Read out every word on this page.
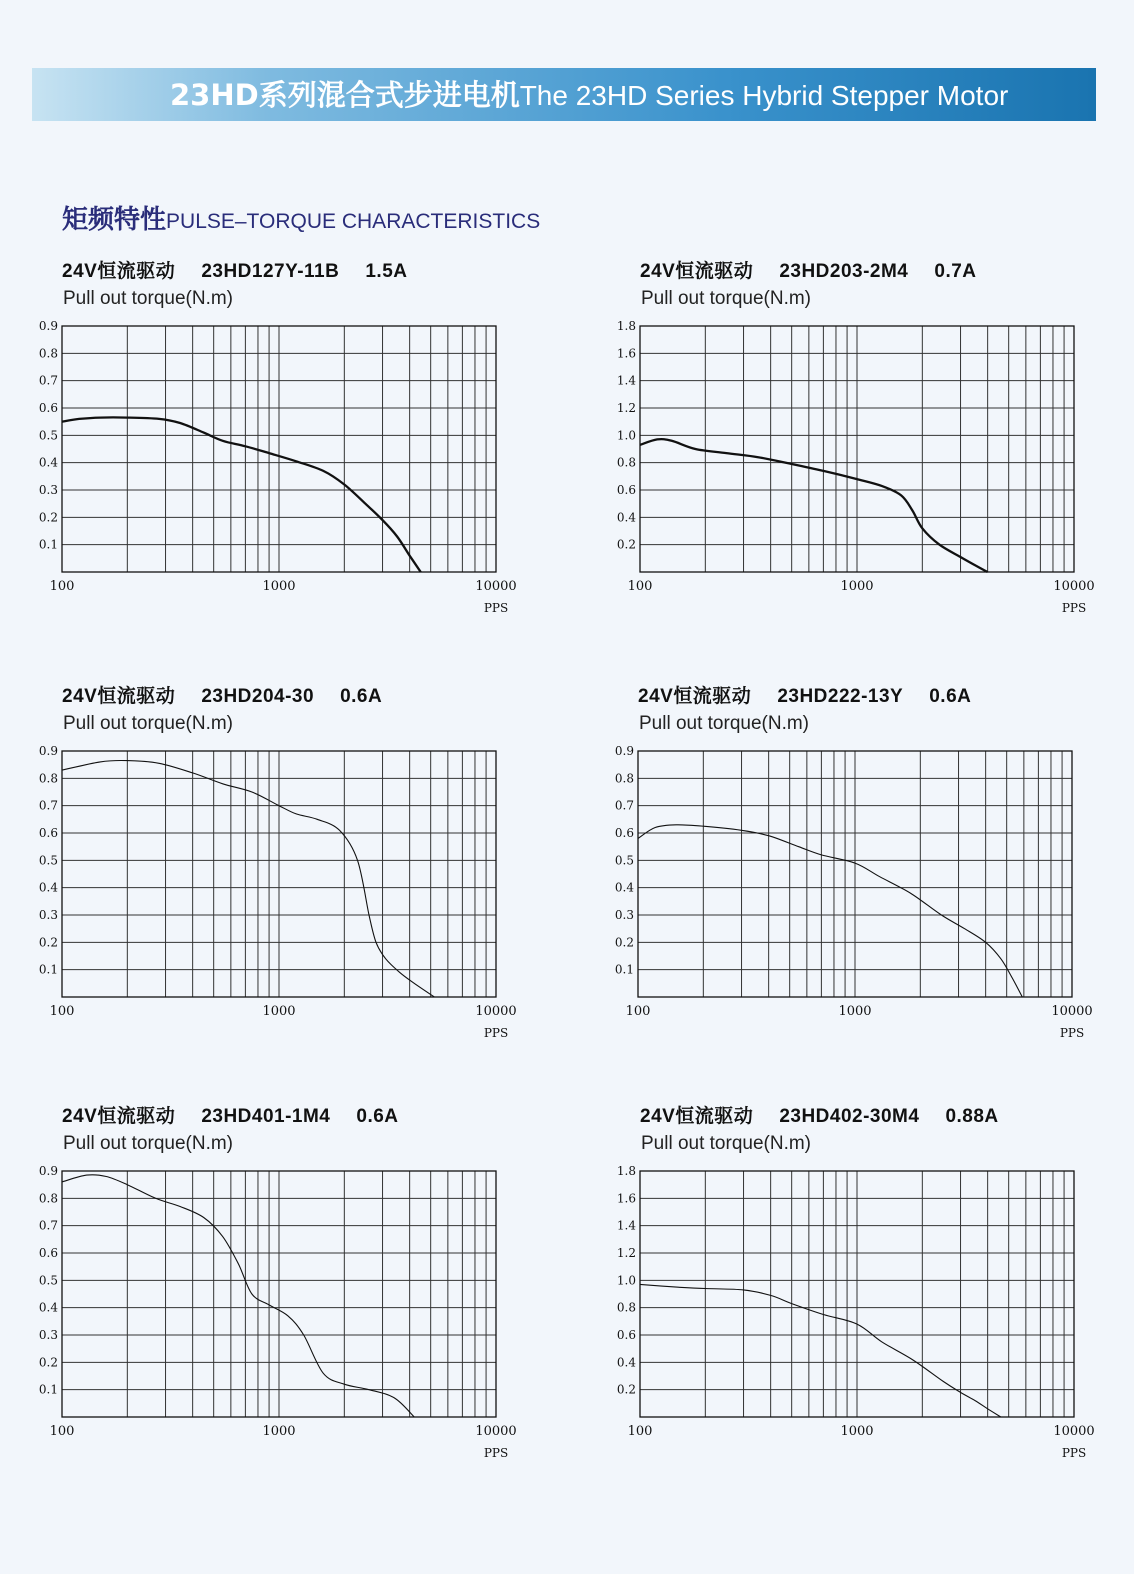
23HD系列混合式步进电机The 23HD Series Hybrid Stepper Motor
矩频特性PULSE–TORQUE CHARACTERISTICS
24V恒流驱动 23HD127Y-11B 1.5A
Pull out torque(N.m)
0.1
0.2
0.3
0.4
0.5
0.6
0.7
0.8
0.9
100	1000	10000
PPS
24V恒流驱动 23HD203-2M4 0.7A
Pull out torque(N.m)
0.2
0.4
0.6
0.8
1.0
1.2
1.4
1.6
1.8
100	1000	10000
PPS
24V恒流驱动 23HD204-30 0.6A
Pull out torque(N.m)
0.1
0.2
0.3
0.4
0.5
0.6
0.7
0.8
0.9
100	1000	10000
PPS
24V恒流驱动 23HD222-13Y 0.6A
Pull out torque(N.m)
0.1
0.2
0.3
0.4
0.5
0.6
0.7
0.8
0.9
100	1000	10000
PPS
24V恒流驱动 23HD401-1M4 0.6A
Pull out torque(N.m)
0.1
0.2
0.3
0.4
0.5
0.6
0.7
0.8
0.9
100	1000	10000
PPS
24V恒流驱动 23HD402-30M4 0.88A
Pull out torque(N.m)
0.2
0.4
0.6
0.8
1.0
1.2
1.4
1.6
1.8
100	1000	10000
PPS
